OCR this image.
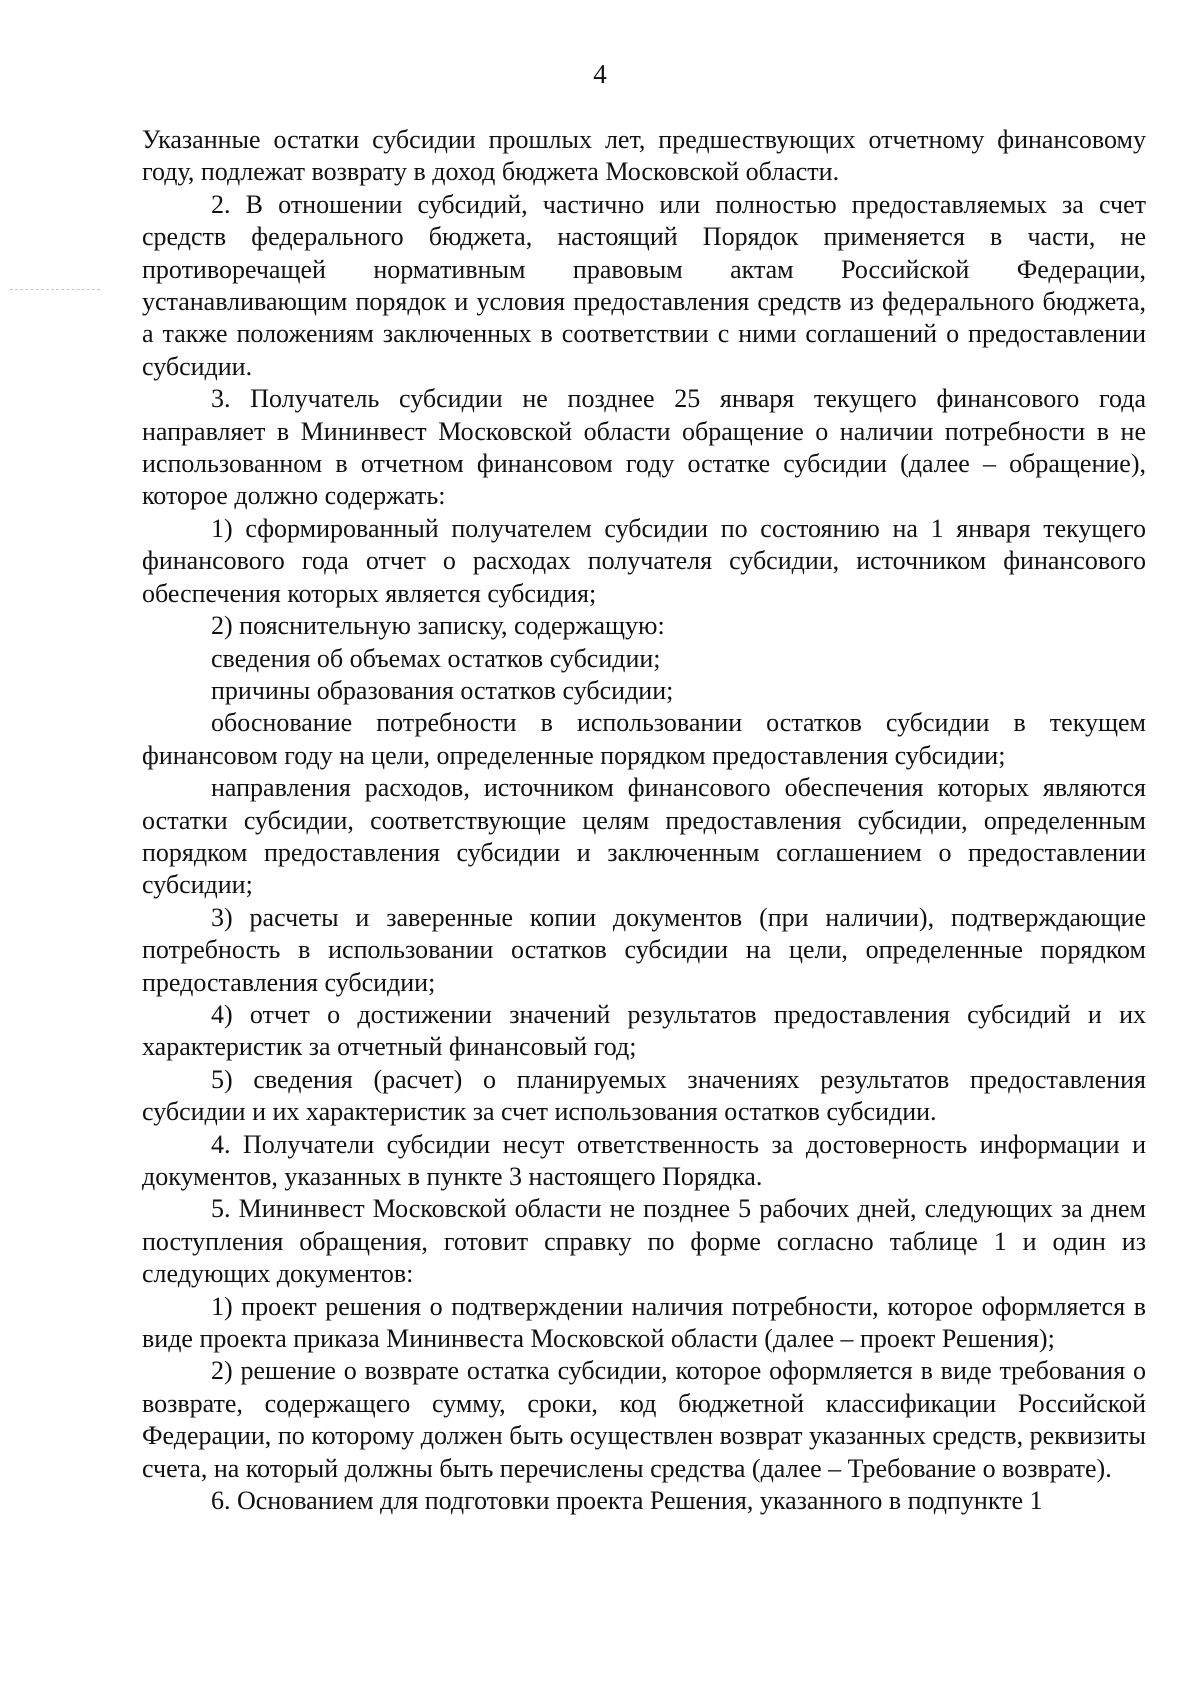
4

Указанные остатки субсидии прошлых лет, предшествующих отчетному финансовому году, подлежат возврату в доход бюджета Московской области.

2. В отношении субсидий, частично или полностью предоставляемых за счет средств федерального бюджета, настоящий Порядок применяется в части, не противоречащей нормативным правовым актам Российской Федерации, устанавливающим порядок и условия предоставления средств из федерального бюджета, а также положениям заключенных в соответствии с ними соглашений о предоставлении субсидии.

3. Получатель субсидии не позднее 25 января текущего финансового года направляет в Мининвест Московской области обращение о наличии потребности в не использованном в отчетном финансовом году остатке субсидии (далее – обращение), которое должно содержать:

1) сформированный получателем субсидии по состоянию на 1 января текущего финансового года отчет о расходах получателя субсидии, источником финансового обеспечения которых является субсидия;

2) пояснительную записку, содержащую:

сведения об объемах остатков субсидии;

причины образования остатков субсидии;

обоснование потребности в использовании остатков субсидии в текущем финансовом году на цели, определенные порядком предоставления субсидии;

направления расходов, источником финансового обеспечения которых являются остатки субсидии, соответствующие целям предоставления субсидии, определенным порядком предоставления субсидии и заключенным соглашением о предоставлении субсидии;

3) расчеты и заверенные копии документов (при наличии), подтверждающие потребность в использовании остатков субсидии на цели, определенные порядком предоставления субсидии;

4) отчет о достижении значений результатов предоставления субсидий и их характеристик за отчетный финансовый год;

5) сведения (расчет) о планируемых значениях результатов предоставления субсидии и их характеристик за счет использования остатков субсидии.

4. Получатели субсидии несут ответственность за достоверность информации и документов, указанных в пункте 3 настоящего Порядка.

5. Мининвест Московской области не позднее 5 рабочих дней, следующих за днем поступления обращения, готовит справку по форме согласно таблице 1 и один из следующих документов:

1) проект решения о подтверждении наличия потребности, которое оформляется в виде проекта приказа Мининвеста Московской области (далее – проект Решения);

2) решение о возврате остатка субсидии, которое оформляется в виде требования о возврате, содержащего сумму, сроки, код бюджетной классификации Российской Федерации, по которому должен быть осуществлен возврат указанных средств, реквизиты счета, на который должны быть перечислены средства (далее – Требование о возврате).

6. Основанием для подготовки проекта Решения, указанного в подпункте 1
